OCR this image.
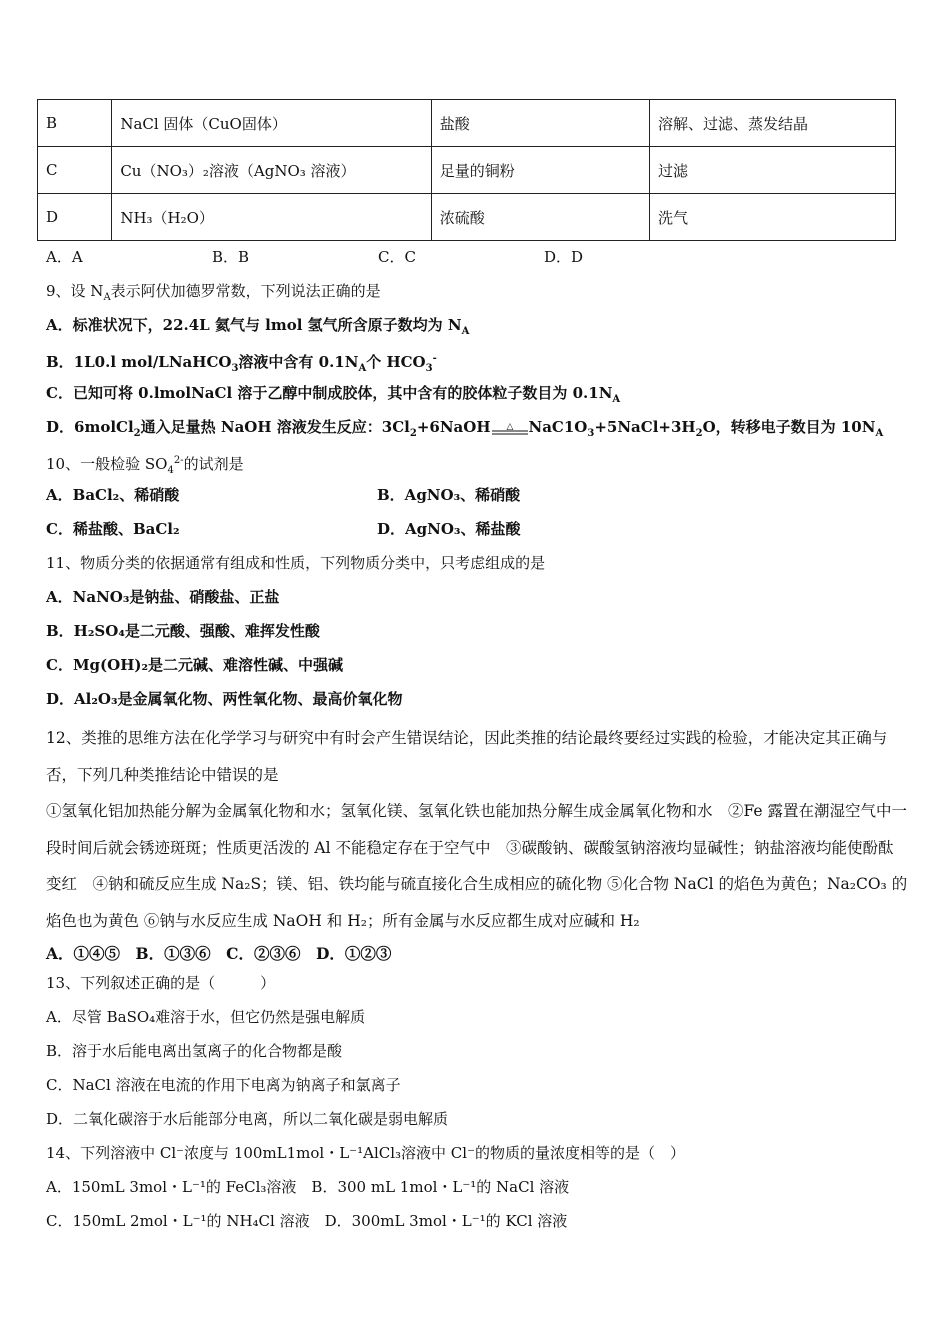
B	NaCl 固体（CuO固体）	盐酸	溶解、过滤、蒸发结晶
C	Cu（NO₃）₂溶液（AgNO₃ 溶液）	足量的铜粉	过滤
D	NH₃（H₂O）	浓硫酸	洗气
A．A	B．B	C．C	D．D
9、设 $N_A$表示阿伏加德罗常数，下列说法正确的是
A．标准状况下，22.4L 氦气与 lmol 氢气所含原子数均为 $N_A$
B．1L0.l mol/LNaHCO$_3$溶液中含有 $0.1N_A$个 $HCO_3^-$
C．已知可将 0.lmolNaCl 溶于乙醇中制成胶体，其中含有的胶体粒子数目为 $0.1N_A$
D．6molCl$_2$通入足量热 NaOH 溶液发生反应：$3Cl_2+6NaOH$ △ $NaC1O_3+5NaCl+3H_2O$，转移电子数目为 $10N_A$
10、一般检验 $SO_4^{2-}$的试剂是
A．BaCl₂、稀硝酸	B．AgNO₃、稀硝酸
C．稀盐酸、BaCl₂	D．AgNO₃、稀盐酸
11、物质分类的依据通常有组成和性质，下列物质分类中，只考虑组成的是
A．NaNO₃是钠盐、硝酸盐、正盐
B．H₂SO₄是二元酸、强酸、难挥发性酸
C．Mg(OH)₂是二元碱、难溶性碱、中强碱
D．Al₂O₃是金属氧化物、两性氧化物、最高价氧化物
12、类推的思维方法在化学学习与研究中有时会产生错误结论，因此类推的结论最终要经过实践的检验，才能决定其正确与否，下列几种类推结论中错误的是
①氢氧化铝加热能分解为金属氧化物和水；氢氧化镁、氢氧化铁也能加热分解生成金属氧化物和水　②Fe 露置在潮湿空气中一段时间后就会锈迹斑斑；性质更活泼的 Al 不能稳定存在于空气中　③碳酸钠、碳酸氢钠溶液均显碱性；钠盐溶液均能使酚酞变红　④钠和硫反应生成 Na₂S；镁、铝、铁均能与硫直接化合生成相应的硫化物 ⑤化合物 NaCl 的焰色为黄色；Na₂CO₃ 的焰色也为黄色 ⑥钠与水反应生成 NaOH 和 H₂；所有金属与水反应都生成对应碱和 H₂
A．①④⑤　B．①③⑥　C．②③⑥　D．①②③
13、下列叙述正确的是（　　　）
A．尽管 BaSO₄难溶于水，但它仍然是强电解质
B．溶于水后能电离出氢离子的化合物都是酸
C．NaCl 溶液在电流的作用下电离为钠离子和氯离子
D．二氧化碳溶于水后能部分电离，所以二氧化碳是弱电解质
14、下列溶液中 Cl⁻浓度与 100mL1mol・L⁻¹AlCl₃溶液中 Cl⁻的物质的量浓度相等的是（　）
A．150mL 3mol・L⁻¹的 FeCl₃溶液　B．300 mL 1mol・L⁻¹的 NaCl 溶液
C．150mL 2mol・L⁻¹的 NH₄Cl 溶液　D．300mL 3mol・L⁻¹的 KCl 溶液
